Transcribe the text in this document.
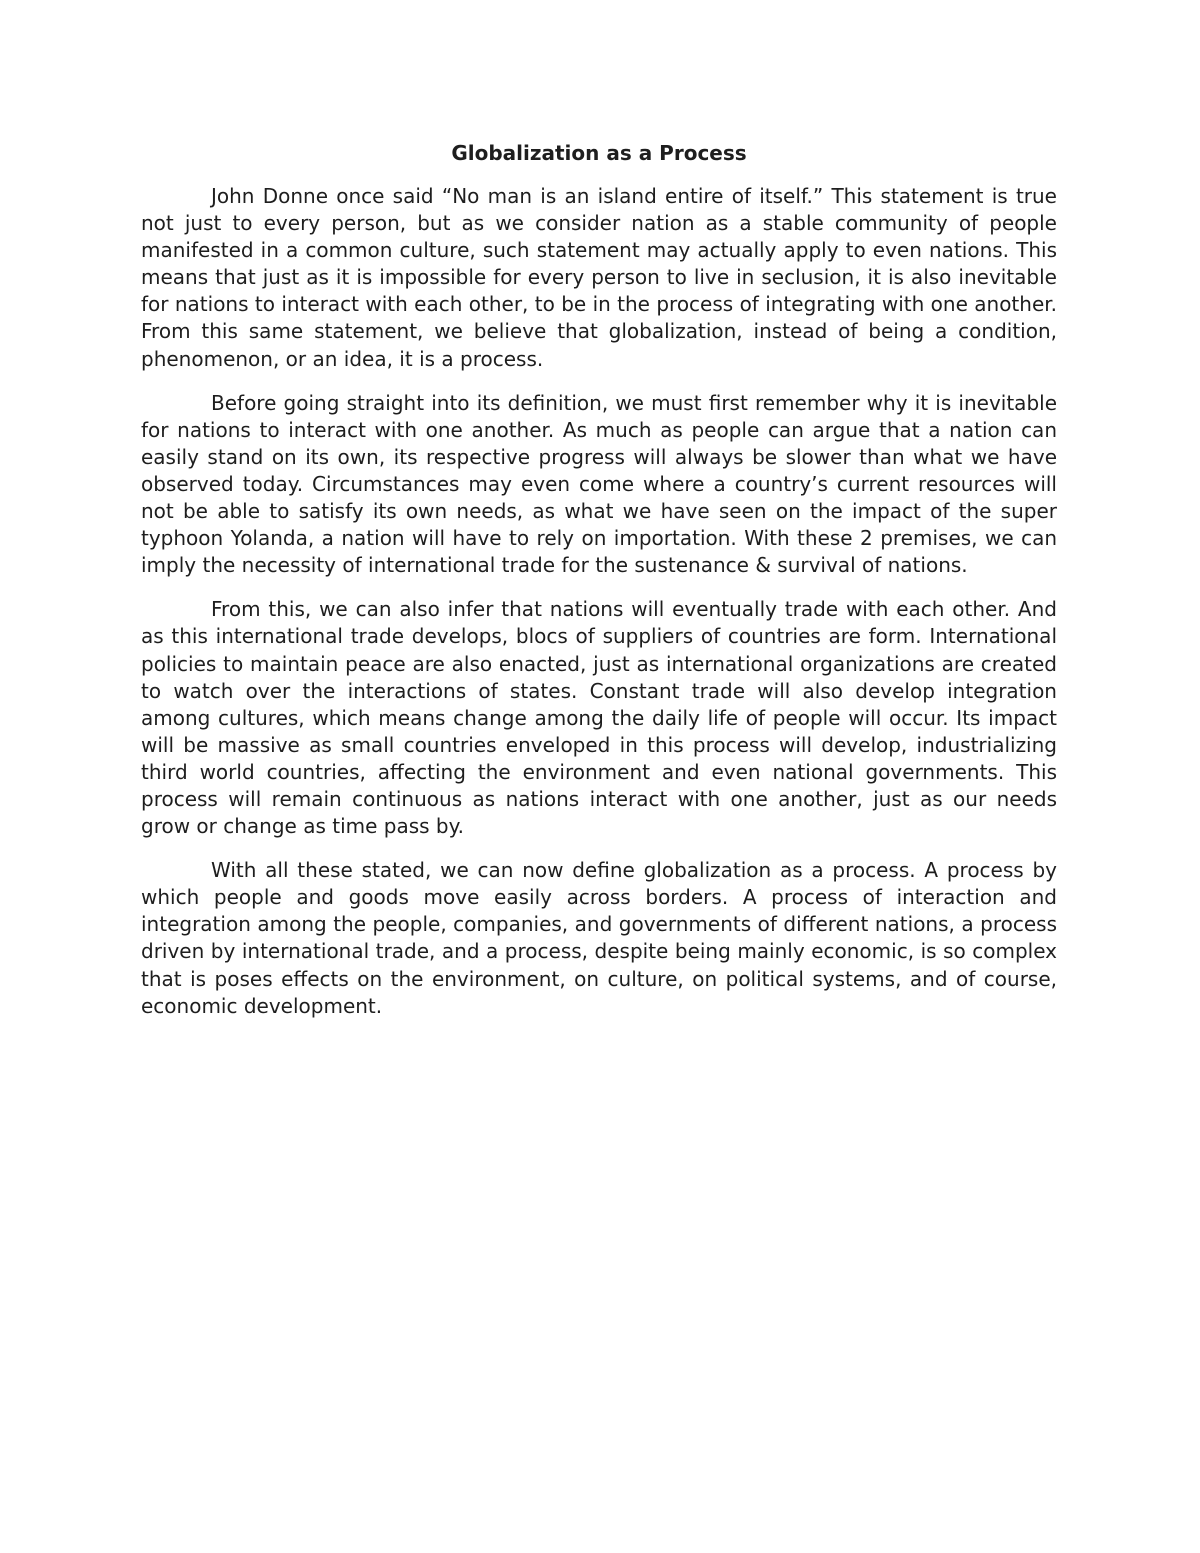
Globalization as a Process

John Donne once said “No man is an island entire of itself.” This statement is true not just to every person, but as we consider nation as a stable community of people manifested in a common culture, such statement may actually apply to even nations. This means that just as it is impossible for every person to live in seclusion, it is also inevitable for nations to interact with each other, to be in the process of integrating with one another. From this same statement, we believe that globalization, instead of being a condition, phenomenon, or an idea, it is a process.

Before going straight into its definition, we must first remember why it is inevitable for nations to interact with one another. As much as people can argue that a nation can easily stand on its own, its respective progress will always be slower than what we have observed today. Circumstances may even come where a country’s current resources will not be able to satisfy its own needs, as what we have seen on the impact of the super typhoon Yolanda, a nation will have to rely on importation. With these 2 premises, we can imply the necessity of international trade for the sustenance & survival of nations.

From this, we can also infer that nations will eventually trade with each other. And as this international trade develops, blocs of suppliers of countries are form. International policies to maintain peace are also enacted, just as international organizations are created to watch over the interactions of states. Constant trade will also develop integration among cultures, which means change among the daily life of people will occur. Its impact will be massive as small countries enveloped in this process will develop, industrializing third world countries, affecting the environment and even national governments. This process will remain continuous as nations interact with one another, just as our needs grow or change as time pass by.

With all these stated, we can now define globalization as a process. A process by which people and goods move easily across borders. A process of interaction and integration among the people, companies, and governments of different nations, a process driven by international trade, and a process, despite being mainly economic, is so complex that is poses effects on the environment, on culture, on political systems, and of course, economic development.
